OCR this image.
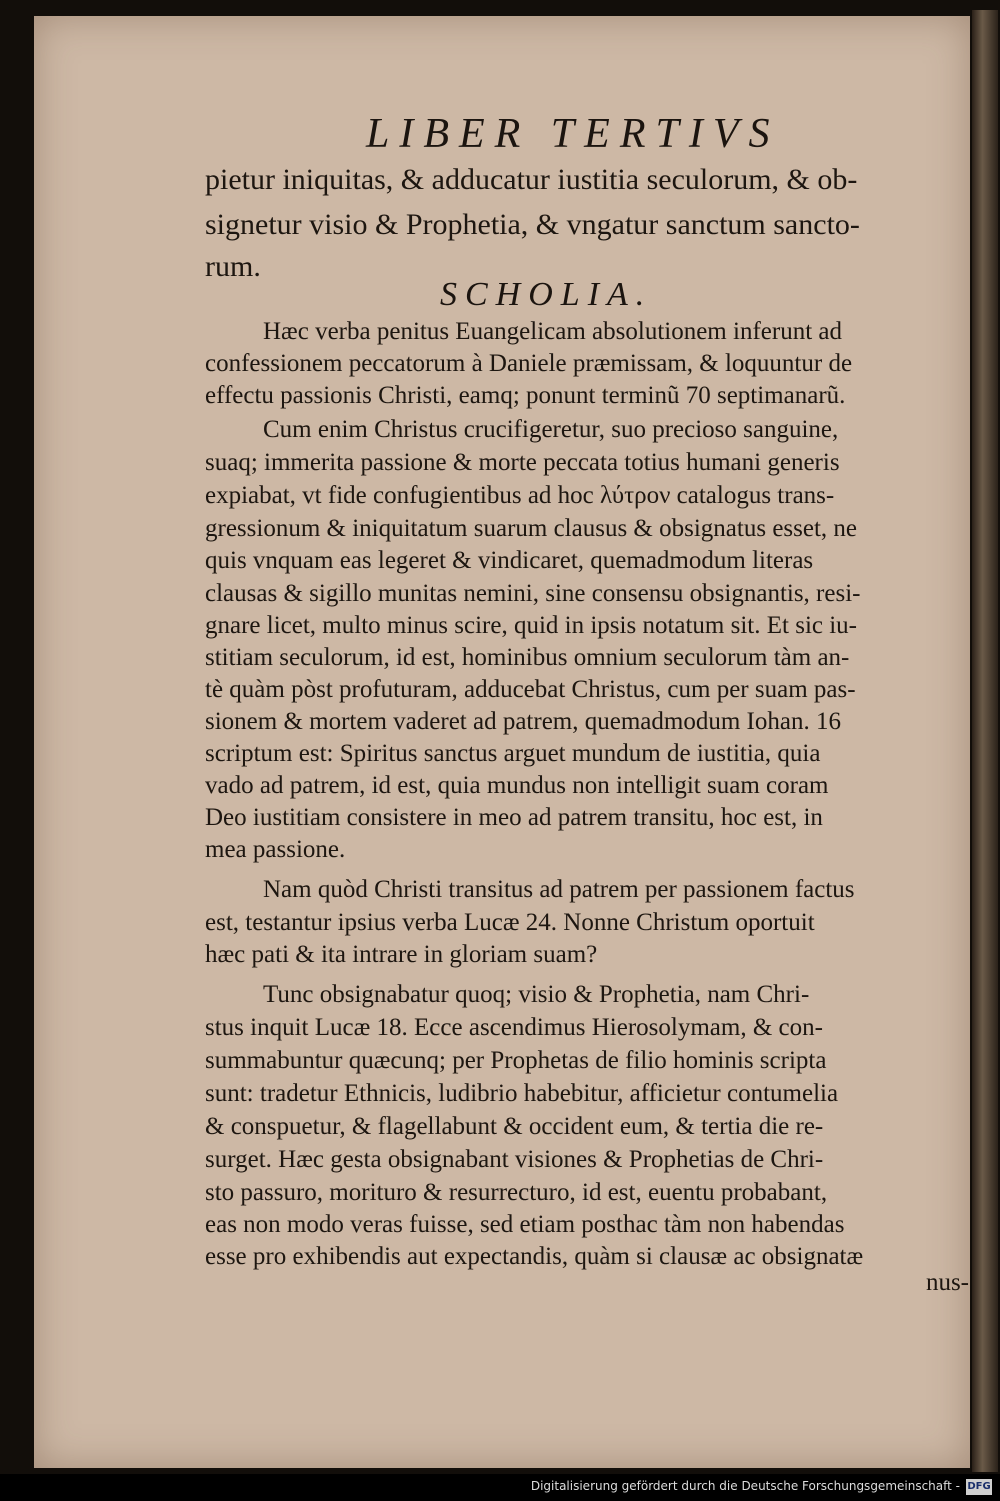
LIBER TERTIVS
pietur iniquitas, & adducatur iustitia seculorum, & ob-
signetur visio & Prophetia, & vngatur sanctum sancto-
rum.
SCHOLIA.
Hæc verba penitus Euangelicam absolutionem inferunt ad
confessionem peccatorum à Daniele præmissam, & loquuntur de
effectu passionis Christi, eamq; ponunt terminũ 70 septimanarũ.
Cum enim Christus crucifigeretur, suo precioso sanguine,
suaq; immerita passione & morte peccata totius humani generis
expiabat, vt fide confugientibus ad hoc λύτρον catalogus trans-
gressionum & iniquitatum suarum clausus & obsignatus esset, ne
quis vnquam eas legeret & vindicaret, quemadmodum literas
clausas & sigillo munitas nemini, sine consensu obsignantis, resi-
gnare licet, multo minus scire, quid in ipsis notatum sit. Et sic iu-
stitiam seculorum, id est, hominibus omnium seculorum tàm an-
tè quàm pòst profuturam, adducebat Christus, cum per suam pas-
sionem & mortem vaderet ad patrem, quemadmodum Iohan. 16
scriptum est: Spiritus sanctus arguet mundum de iustitia, quia
vado ad patrem, id est, quia mundus non intelligit suam coram
Deo iustitiam consistere in meo ad patrem transitu, hoc est, in
mea passione.
Nam quòd Christi transitus ad patrem per passionem factus
est, testantur ipsius verba Lucæ 24. Nonne Christum oportuit
hæc pati & ita intrare in gloriam suam?
Tunc obsignabatur quoq; visio & Prophetia, nam Chri-
stus inquit Lucæ 18. Ecce ascendimus Hierosolymam, & con-
summabuntur quæcunq; per Prophetas de filio hominis scripta
sunt: tradetur Ethnicis, ludibrio habebitur, afficietur contumelia
& conspuetur, & flagellabunt & occident eum, & tertia die re-
surget. Hæc gesta obsignabant visiones & Prophetias de Chri-
sto passuro, morituro & resurrecturo, id est, euentu probabant,
eas non modo veras fuisse, sed etiam posthac tàm non habendas
esse pro exhibendis aut expectandis, quàm si clausæ ac obsignatæ
nus-
Digitalisierung gefördert durch die Deutsche Forschungsgemeinschaft - DFG
